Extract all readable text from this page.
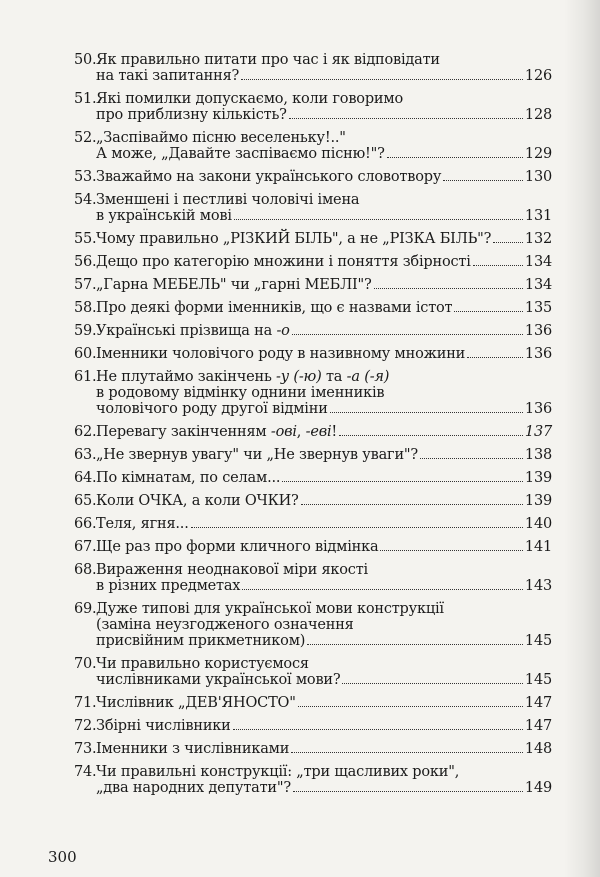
50. Як правильно питати про час і як відповідати
на такі запитання?	126
51. Які помилки допускаємо, коли говоримо
про приблизну кількість?	128
52. „Заспіваймо пісню веселеньку!.."
А може, „Давайте заспіваємо пісню!"?	129
53. Зважаймо на закони українського словотвору	130
54. Зменшені і пестливі чоловічі імена
в українській мові	131
55. Чому правильно „РІЗКИЙ БІЛЬ", а не „РІЗКА БІЛЬ"? 132
56. Дещо про категорію множини і поняття збірності	134
57. „Гарна МЕБЕЛЬ" чи „гарні МЕБЛІ"?	134
58. Про деякі форми іменників, що є назвами істот	135
59. Українські прізвища на -о	136
60. Іменники чоловічого роду в називному множини	136
61. Не плутаймо закінчень -у (-ю) та -а (-я)
в родовому відмінку однини іменників
чоловічого роду другої відміни	136
62. Перевагу закінченням -ові, -еві!	137
63. „Не звернув увагу" чи „Не звернув уваги"?	138
64. По кімнатам, по селам...	139
65. Коли ОЧКА, а коли ОЧКИ?	139
66. Теля, ягня...	140
67. Ще раз про форми кличного відмінка	141
68. Вираження неоднакової міри якості
в різних предметах	143
69. Дуже типові для української мови конструкції
(заміна неузгодженого означення
присвійним прикметником)	145
70. Чи правильно користуємося
числівниками української мови?	145
71. Числівник „ДЕВ'ЯНОСТО"	147
72. Збірні числівники	147
73. Іменники з числівниками	148
74. Чи правильні конструкції: „три щасливих роки",
„два народних депутати"?	149
300
